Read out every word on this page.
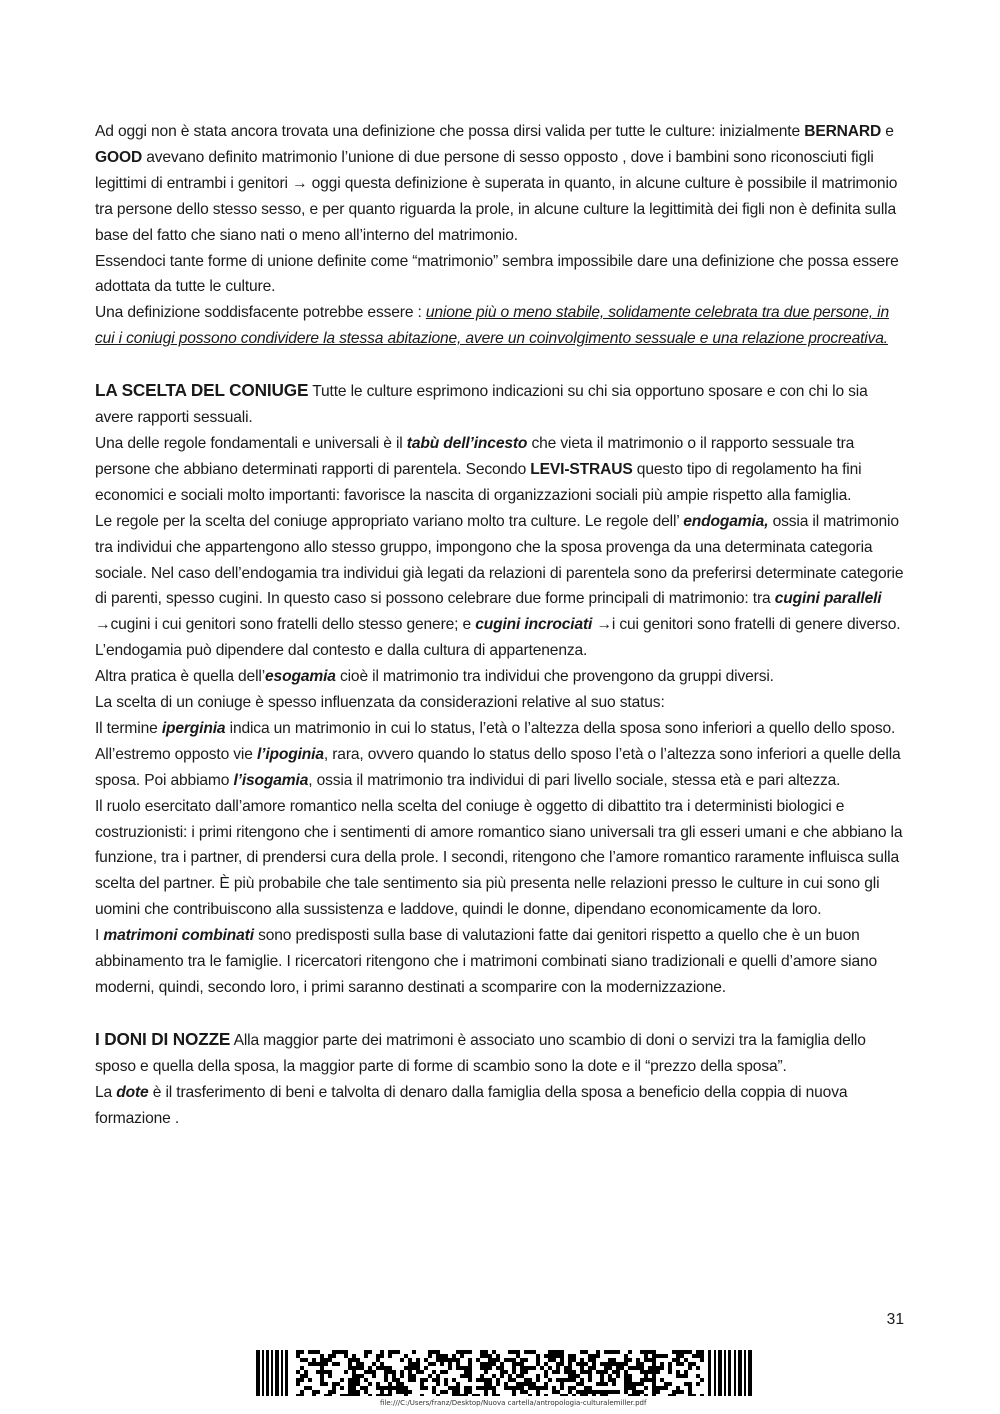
Ad oggi non è stata ancora trovata una definizione che possa dirsi valida per tutte le culture: inizialmente BERNARD e GOOD avevano definito matrimonio l’unione di due persone di sesso opposto , dove i bambini sono riconosciuti figli legittimi di entrambi i genitori → oggi questa definizione è superata in quanto, in alcune culture è possibile il matrimonio tra persone dello stesso sesso, e per quanto riguarda la prole, in alcune culture la legittimità dei figli non è definita sulla base del fatto che siano nati o meno all’interno del matrimonio.

Essendoci tante forme di unione definite come “matrimonio” sembra impossibile dare una definizione che possa essere adottata da tutte le culture.

Una definizione soddisfacente potrebbe essere : unione più o meno stabile, solidamente celebrata tra due persone, in cui i coniugi possono condividere la stessa abitazione, avere un coinvolgimento sessuale e una relazione procreativa.

LA SCELTA DEL CONIUGE Tutte le culture esprimono indicazioni su chi sia opportuno sposare e con chi lo sia avere rapporti sessuali.

Una delle regole fondamentali e universali è il tabù dell’incesto che vieta il matrimonio o il rapporto sessuale tra persone che abbiano determinati rapporti di parentela. Secondo LEVI-STRAUS questo tipo di regolamento ha fini economici e sociali molto importanti: favorisce la nascita di organizzazioni sociali più ampie rispetto alla famiglia.

Le regole per la scelta del coniuge appropriato variano molto tra culture. Le regole dell’ endogamia, ossia il matrimonio tra individui che appartengono allo stesso gruppo, impongono che la sposa provenga da una determinata categoria sociale. Nel caso dell’endogamia tra individui già legati da relazioni di parentela sono da preferirsi determinate categorie di parenti, spesso cugini. In questo caso si possono celebrare due forme principali di matrimonio: tra cugini paralleli →cugini i cui genitori sono fratelli dello stesso genere; e cugini incrociati →i cui genitori sono fratelli di genere diverso.

L’endogamia può dipendere dal contesto e dalla cultura di appartenenza.

Altra pratica è quella dell’esogamia cioè il matrimonio tra individui che provengono da gruppi diversi.

La scelta di un coniuge è spesso influenzata da considerazioni relative al suo status:

Il termine iperginia indica un matrimonio in cui lo status, l’età o l’altezza della sposa sono inferiori a quello dello sposo. All’estremo opposto vie l’ipoginia, rara, ovvero quando lo status dello sposo l’età o l’altezza sono inferiori a quelle della sposa. Poi abbiamo l’isogamia, ossia il matrimonio tra individui di pari livello sociale, stessa età e pari altezza.

Il ruolo esercitato dall’amore romantico nella scelta del coniuge è oggetto di dibattito tra i deterministi biologici e costruzionisti: i primi ritengono che i sentimenti di amore romantico siano universali tra gli esseri umani e che abbiano la funzione, tra i partner, di prendersi cura della prole. I secondi, ritengono che l’amore romantico raramente influisca sulla scelta del partner. È più probabile che tale sentimento sia più presenta nelle relazioni presso le culture in cui sono gli uomini che contribuiscono alla sussistenza e laddove, quindi le donne, dipendano economicamente da loro.

I matrimoni combinati sono predisposti sulla base di valutazioni fatte dai genitori rispetto a quello che è un buon abbinamento tra le famiglie. I ricercatori ritengono che i matrimoni combinati siano tradizionali e quelli d’amore siano moderni, quindi, secondo loro, i primi saranno destinati a scomparire con la modernizzazione.

I DONI DI NOZZE Alla maggior parte dei matrimoni è associato uno scambio di doni o servizi tra la famiglia dello sposo e quella della sposa, la maggior parte di forme di scambio sono la dote e il “prezzo della sposa”.

La dote è il trasferimento di beni e talvolta di denaro dalla famiglia della sposa a beneficio della coppia di nuova formazione .

31
file:///C:/Users/franz/Desktop/Nuova cartella/antropologia-culturalemiller.pdf
